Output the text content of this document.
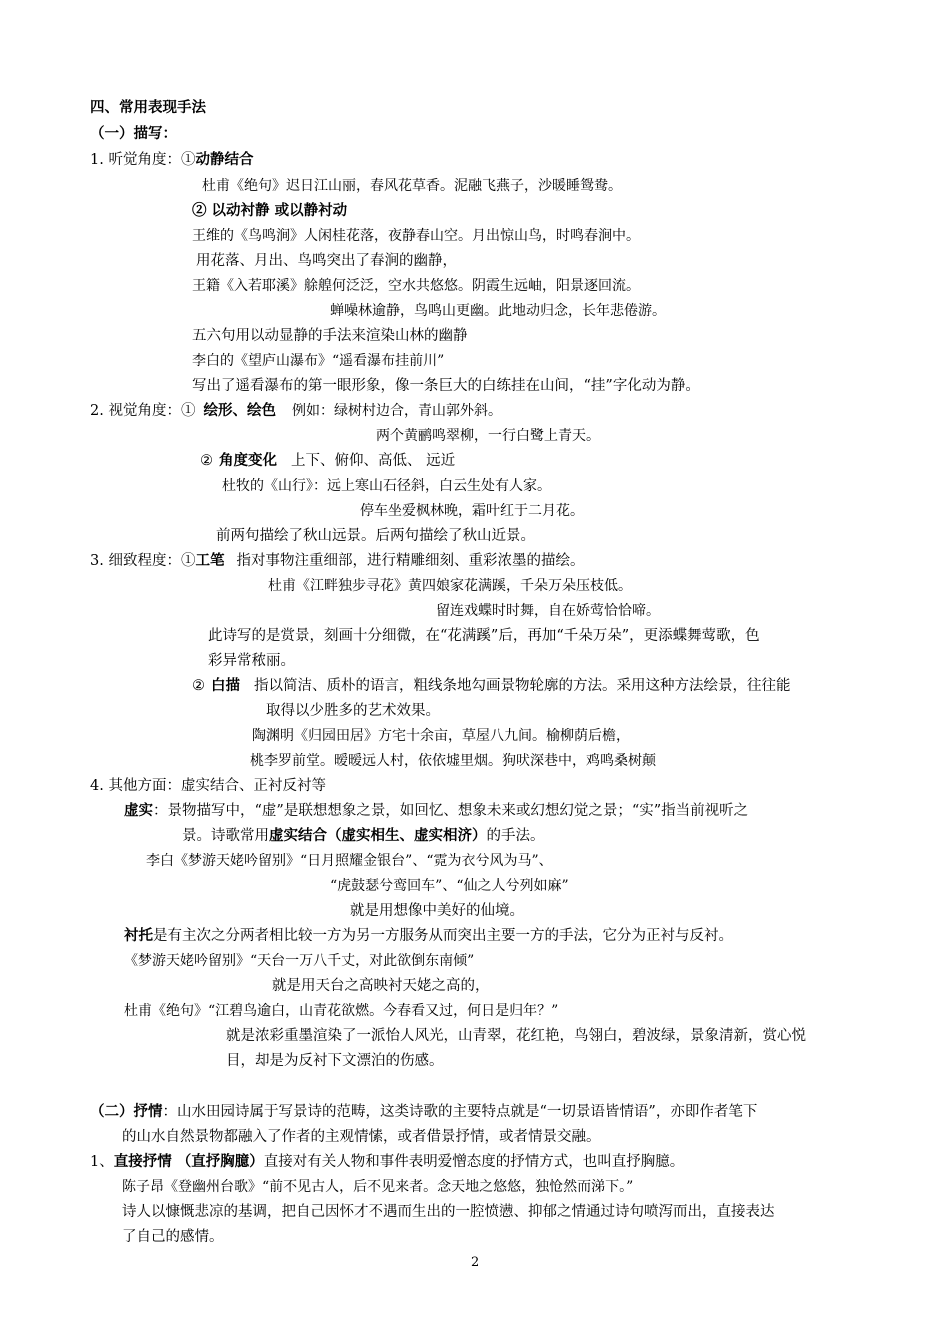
四、常用表现手法
（一）描写：
1. 听觉角度：①动静结合
杜甫《绝句》迟日江山丽，春风花草香。泥融飞燕子，沙暖睡鸳鸯。
② 以动衬静 或以静衬动
王维的《鸟鸣涧》人闲桂花落，夜静春山空。月出惊山鸟，时鸣春涧中。
用花落、月出、鸟鸣突出了春涧的幽静，
王籍《入若耶溪》艅艎何泛泛，空水共悠悠。阴霞生远岫，阳景逐回流。
蝉噪林逾静，鸟鸣山更幽。此地动归念，长年悲倦游。
五六句用以动显静的手法来渲染山林的幽静
李白的《望庐山瀑布》“遥看瀑布挂前川”
写出了遥看瀑布的第一眼形象，像一条巨大的白练挂在山间，“挂”字化动为静。
2. 视觉角度：① 绘形、绘色 例如：绿树村边合，青山郭外斜。
两个黄鹂鸣翠柳，一行白鹭上青天。
② 角度变化 上下、俯仰、高低、 远近
杜牧的《山行》：远上寒山石径斜，白云生处有人家。
停车坐爱枫林晚，霜叶红于二月花。
前两句描绘了秋山远景。后两句描绘了秋山近景。
3. 细致程度：①工笔 指对事物注重细部，进行精雕细刻、重彩浓墨的描绘。
杜甫《江畔独步寻花》黄四娘家花满蹊，千朵万朵压枝低。
留连戏蝶时时舞，自在娇莺恰恰啼。
此诗写的是赏景，刻画十分细微，在“花满蹊”后，再加“千朵万朵”，更添蝶舞莺歌，色
彩异常秾丽。
② 白描 指以简洁、质朴的语言，粗线条地勾画景物轮廓的方法。采用这种方法绘景，往往能
取得以少胜多的艺术效果。
陶渊明《归园田居》方宅十余亩，草屋八九间。榆柳荫后檐，
桃李罗前堂。暧暧远人村，依依墟里烟。狗吠深巷中，鸡鸣桑树颠
4. 其他方面：虚实结合、正衬反衬等
虚实：景物描写中，“虚”是联想想象之景，如回忆、想象未来或幻想幻觉之景；“实”指当前视听之
景。诗歌常用虚实结合（虚实相生、虚实相济）的手法。
李白《梦游天姥吟留别》“日月照耀金银台”、“霓为衣兮风为马”、
“虎鼓瑟兮鸾回车”、“仙之人兮列如麻”
就是用想像中美好的仙境。
衬托是有主次之分两者相比较一方为另一方服务从而突出主要一方的手法，它分为正衬与反衬。
《梦游天姥吟留别》“天台一万八千丈，对此欲倒东南倾”
就是用天台之高映衬天姥之高的，
杜甫《绝句》“江碧鸟逾白，山青花欲燃。今春看又过，何日是归年？”
就是浓彩重墨渲染了一派怡人风光，山青翠，花红艳，鸟翎白，碧波绿，景象清新，赏心悦
目，却是为反衬下文漂泊的伤感。
（二）抒情：山水田园诗属于写景诗的范畴，这类诗歌的主要特点就是“一切景语皆情语”，亦即作者笔下
的山水自然景物都融入了作者的主观情愫，或者借景抒情，或者情景交融。
1、直接抒情 （直抒胸臆）直接对有关人物和事件表明爱憎态度的抒情方式，也叫直抒胸臆。
陈子昂《登幽州台歌》“前不见古人，后不见来者。念天地之悠悠，独怆然而涕下。”
诗人以慷慨悲凉的基调，把自己因怀才不遇而生出的一腔愤懑、抑郁之情通过诗句喷泻而出，直接表达
了自己的感情。
2
